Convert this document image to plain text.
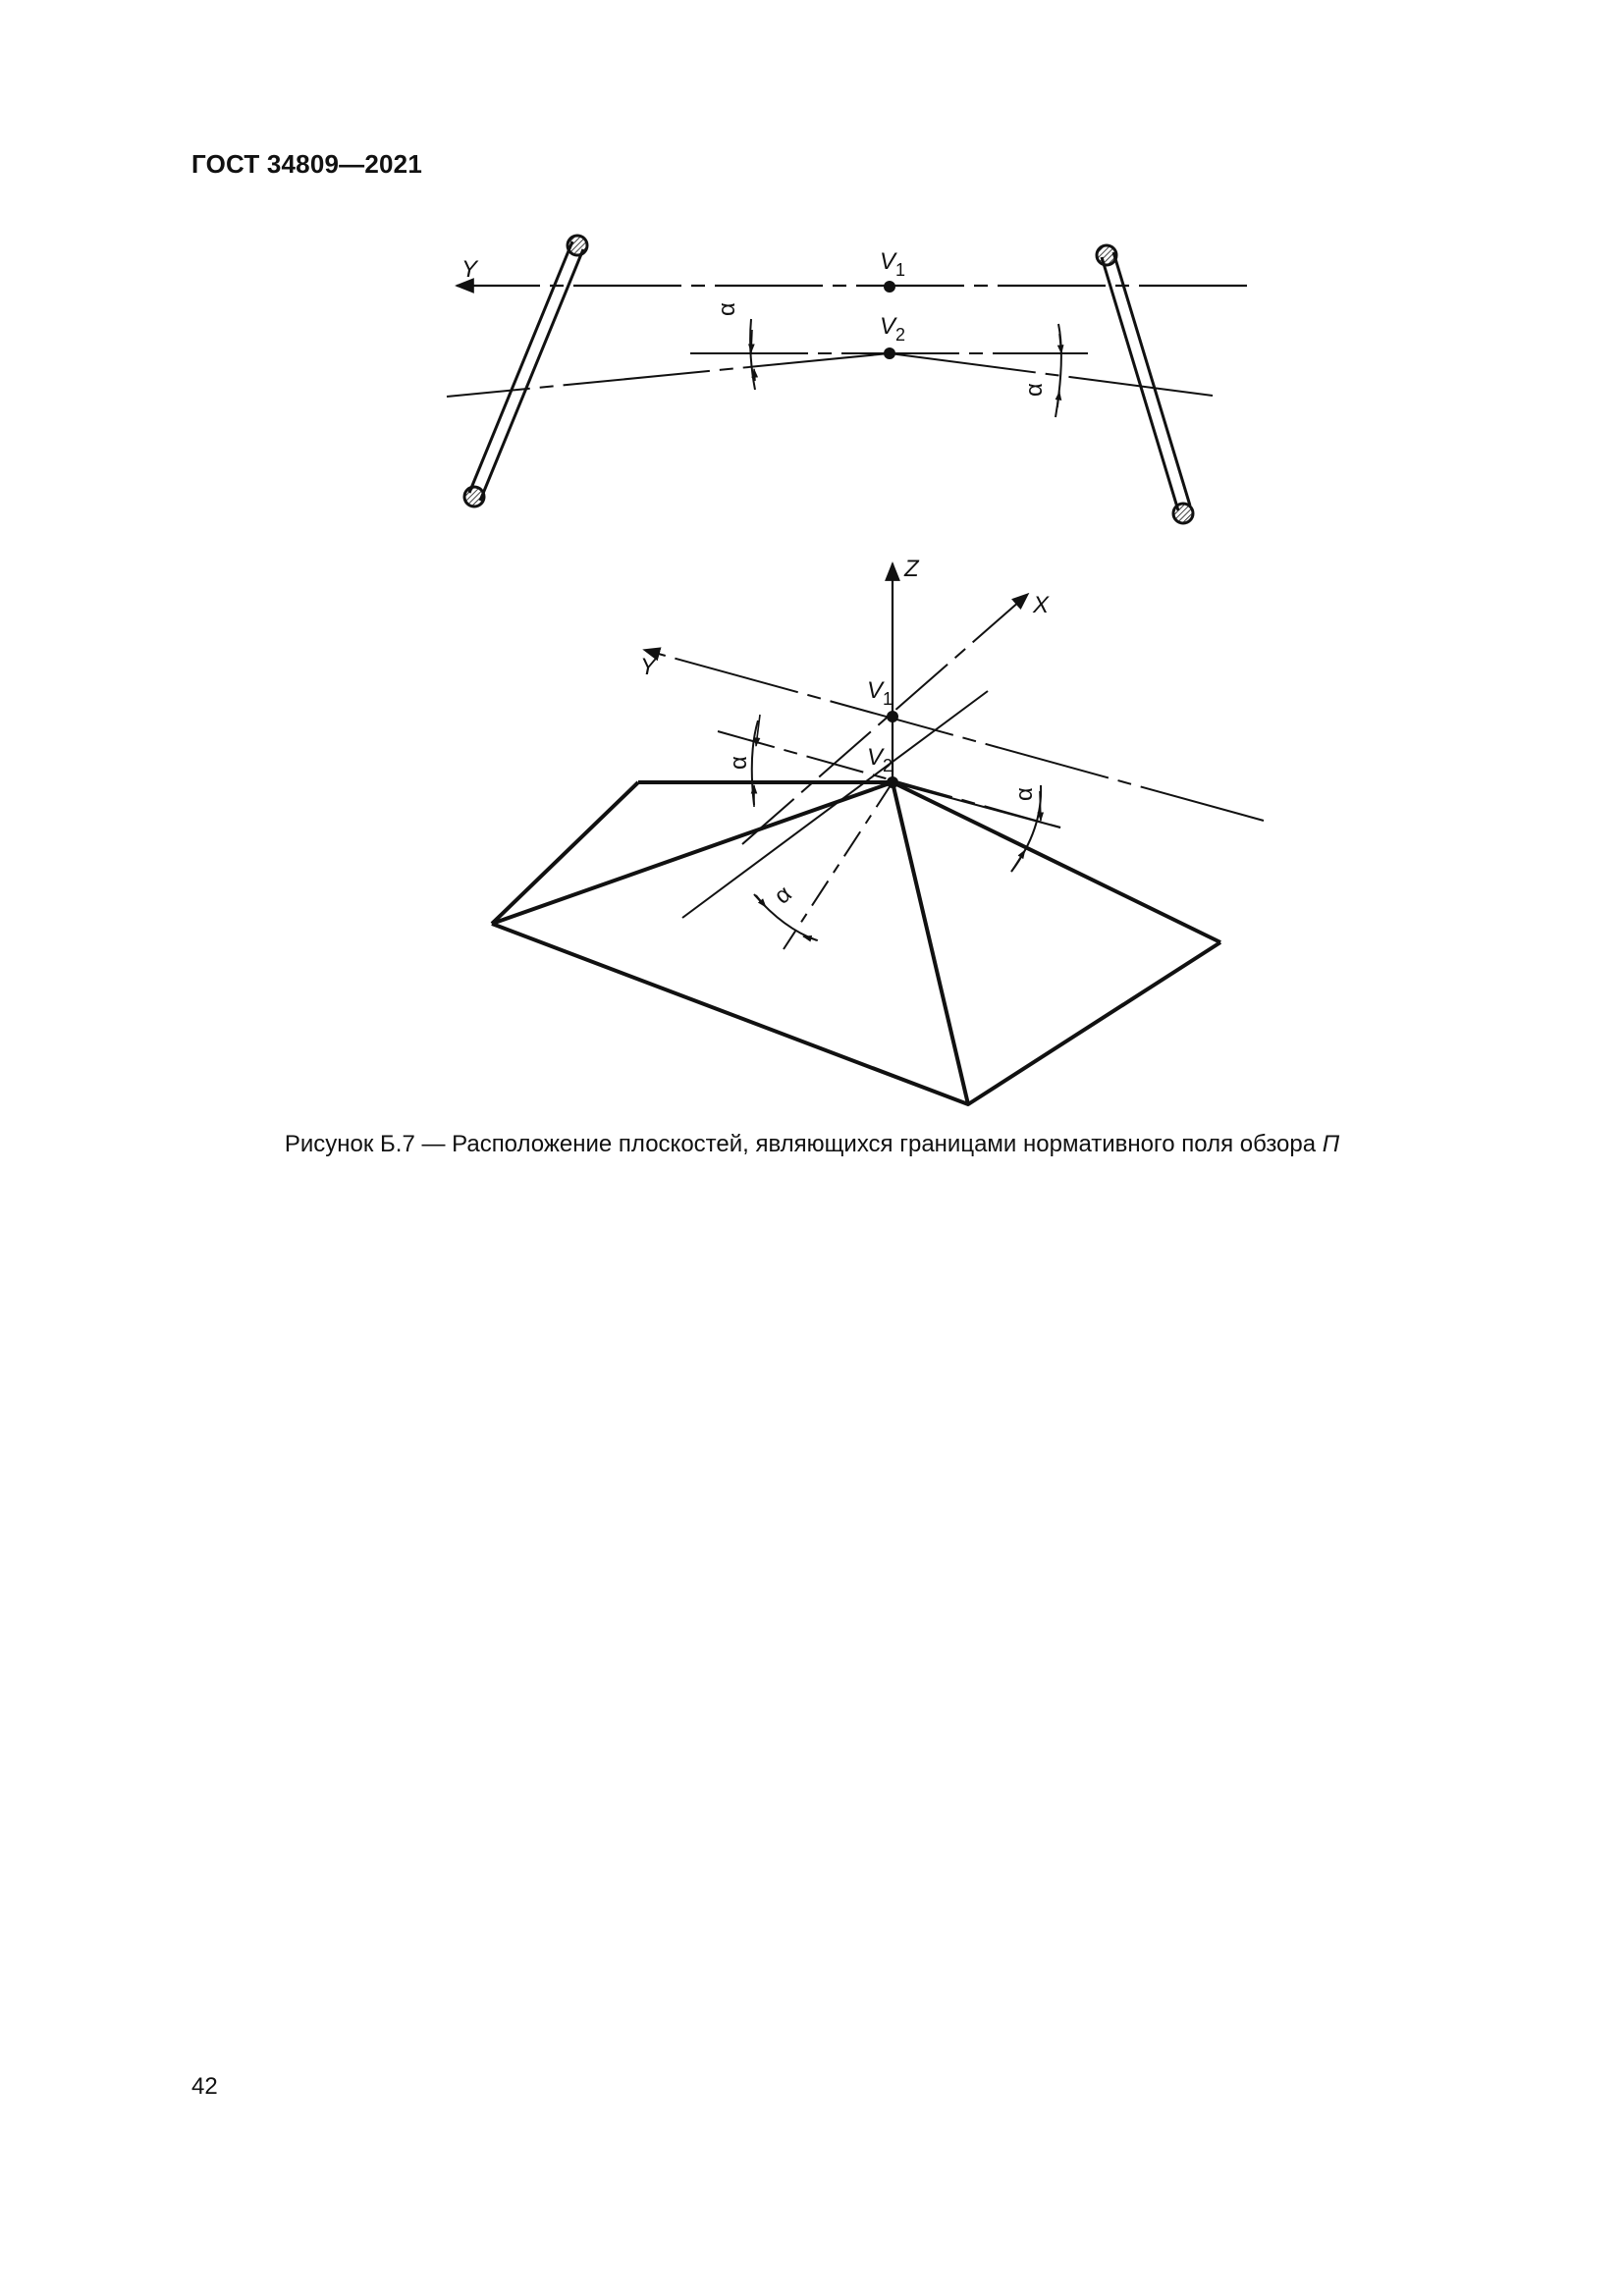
ГОСТ 34809—2021
Y	$V_1$
$V_2$
α
α
Z
X
Y
$V_1$
$V_2$
α
α
α
Рисунок Б.7 — Расположение плоскостей, являющихся границами нормативного поля обзора П
42
